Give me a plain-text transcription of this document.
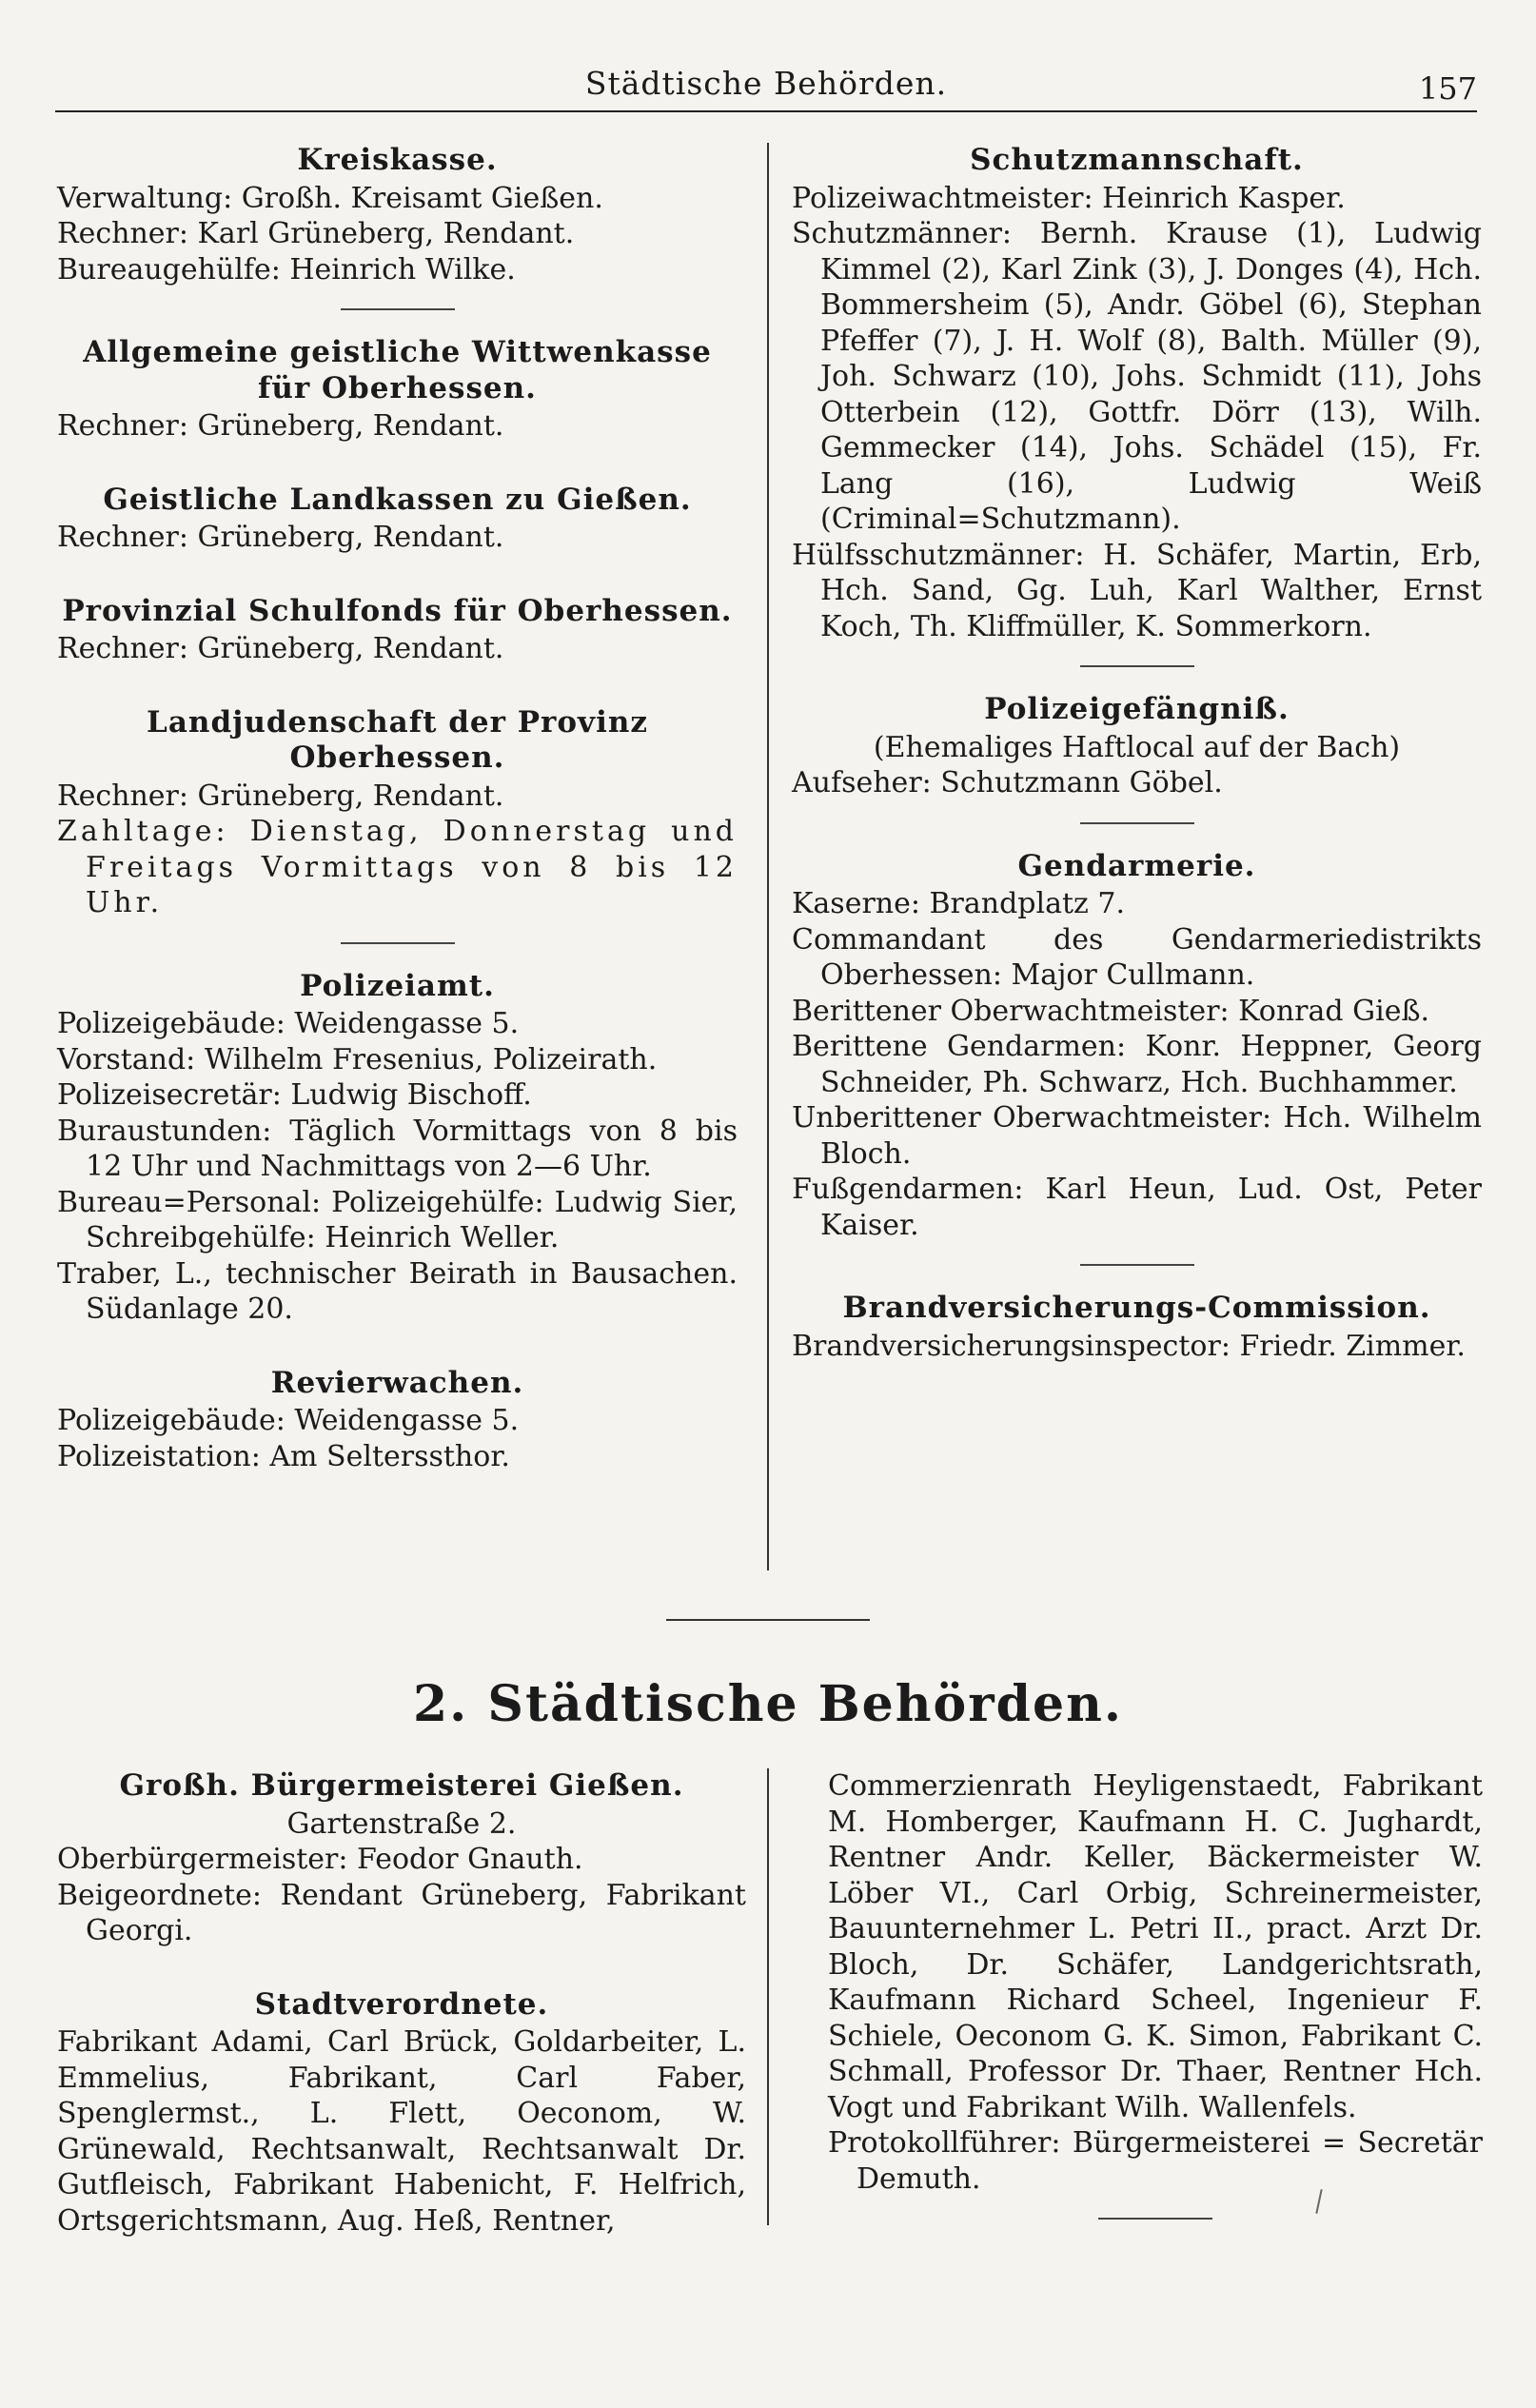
Städtische Behörden.	157
Kreiskasse.

Verwaltung: Großh. Kreisamt Gießen.

Rechner: Karl Grüneberg, Rendant.

Bureaugehülfe: Heinrich Wilke.

Allgemeine geistliche Wittwenkasse für Oberhessen.

Rechner: Grüneberg, Rendant.

Geistliche Landkassen zu Gießen.

Rechner: Grüneberg, Rendant.

Provinzial Schulfonds für Oberhessen.

Rechner: Grüneberg, Rendant.

Landjudenschaft der Provinz Oberhessen.

Rechner: Grüneberg, Rendant.

Zahltage: Dienstag, Donnerstag und Freitags Vormittags von 8 bis 12 Uhr.

Polizeiamt.

Polizeigebäude: Weidengasse 5.

Vorstand: Wilhelm Fresenius, Polizeirath.

Polizeisecretär: Ludwig Bischoff.

Buraustunden: Täglich Vormittags von 8 bis 12 Uhr und Nachmittags von 2—6 Uhr.

Bureau=Personal: Polizeigehülfe: Ludwig Sier, Schreibgehülfe: Heinrich Weller.

Traber, L., technischer Beirath in Bausachen. Südanlage 20.

Revierwachen.

Polizeigebäude: Weidengasse 5.

Polizeistation: Am Selterssthor.

Schutzmannschaft.

Polizeiwachtmeister: Heinrich Kasper.

Schutzmänner: Bernh. Krause (1), Ludwig Kimmel (2), Karl Zink (3), J. Donges (4), Hch. Bommersheim (5), Andr. Göbel (6), Stephan Pfeffer (7), J. H. Wolf (8), Balth. Müller (9), Joh. Schwarz (10), Johs. Schmidt (11), Johs Otterbein (12), Gottfr. Dörr (13), Wilh. Gemmecker (14), Johs. Schädel (15), Fr. Lang (16), Ludwig Weiß (Criminal=Schutzmann).

Hülfsschutzmänner: H. Schäfer, Martin, Erb, Hch. Sand, Gg. Luh, Karl Walther, Ernst Koch, Th. Kliffmüller, K. Sommerkorn.

Polizeigefängniß.

(Ehemaliges Haftlocal auf der Bach)

Aufseher: Schutzmann Göbel.

Gendarmerie.

Kaserne: Brandplatz 7.

Commandant des Gendarmeriedistrikts Oberhessen: Major Cullmann.

Berittener Oberwachtmeister: Konrad Gieß.

Berittene Gendarmen: Konr. Heppner, Georg Schneider, Ph. Schwarz, Hch. Buchhammer.

Unberittener Oberwachtmeister: Hch. Wilhelm Bloch.

Fußgendarmen: Karl Heun, Lud. Ost, Peter Kaiser.

Brandversicherungs-Commission.

Brandversicherungsinspector: Friedr. Zimmer.

2. Städtische Behörden.
Großh. Bürgermeisterei Gießen.

Gartenstraße 2.

Oberbürgermeister: Feodor Gnauth.

Beigeordnete: Rendant Grüneberg, Fabrikant Georgi.

Stadtverordnete.

Fabrikant Adami, Carl Brück, Goldarbeiter, L. Emmelius, Fabrikant, Carl Faber, Spenglermst., L. Flett, Oeconom, W. Grünewald, Rechtsanwalt, Rechtsanwalt Dr. Gutfleisch, Fabrikant Habenicht, F. Helfrich, Ortsgerichtsmann, Aug. Heß, Rentner,

Commerzienrath Heyligenstaedt, Fabrikant M. Homberger, Kaufmann H. C. Jughardt, Rentner Andr. Keller, Bäckermeister W. Löber VI., Carl Orbig, Schreinermeister, Bauunternehmer L. Petri II., pract. Arzt Dr. Bloch, Dr. Schäfer, Landgerichtsrath, Kaufmann Richard Scheel, Ingenieur F. Schiele, Oeconom G. K. Simon, Fabrikant C. Schmall, Professor Dr. Thaer, Rentner Hch. Vogt und Fabrikant Wilh. Wallenfels.

Protokollführer: Bürgermeisterei = Secretär Demuth.
